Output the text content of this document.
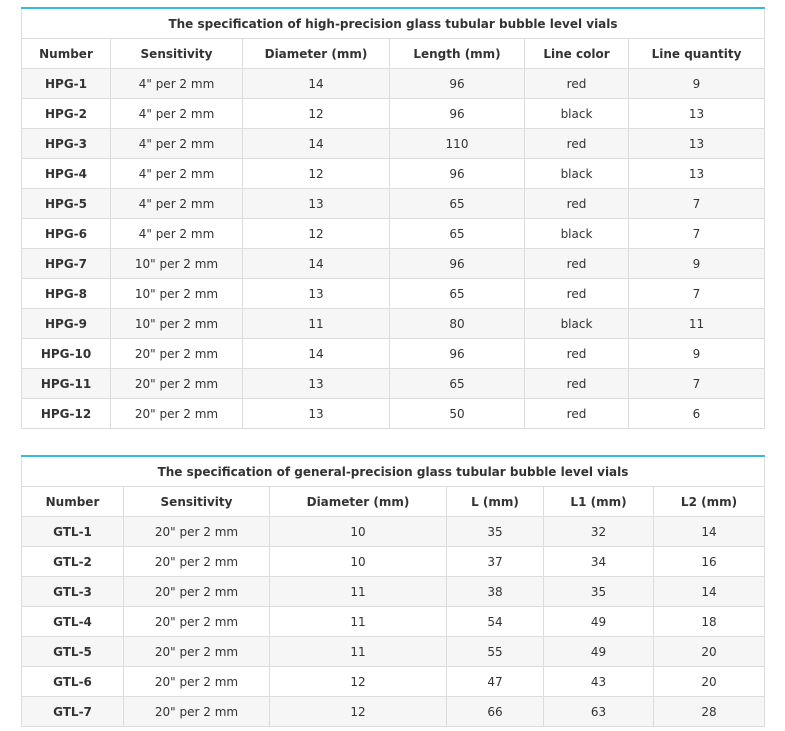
The specification of high-precision glass tubular bubble level vials					
Number	Sensitivity	Diameter (mm)	Length (mm)	Line color	Line quantity
HPG-1	4" per 2 mm	14	96	red	9
HPG-2	4" per 2 mm	12	96	black	13
HPG-3	4" per 2 mm	14	110	red	13
HPG-4	4" per 2 mm	12	96	black	13
HPG-5	4" per 2 mm	13	65	red	7
HPG-6	4" per 2 mm	12	65	black	7
HPG-7	10" per 2 mm	14	96	red	9
HPG-8	10" per 2 mm	13	65	red	7
HPG-9	10" per 2 mm	11	80	black	11
HPG-10	20" per 2 mm	14	96	red	9
HPG-11	20" per 2 mm	13	65	red	7
HPG-12	20" per 2 mm	13	50	red	6
The specification of general-precision glass tubular bubble level vials					
Number	Sensitivity	Diameter (mm)	L (mm)	L1 (mm)	L2 (mm)
GTL-1	20" per 2 mm	10	35	32	14
GTL-2	20" per 2 mm	10	37	34	16
GTL-3	20" per 2 mm	11	38	35	14
GTL-4	20" per 2 mm	11	54	49	18
GTL-5	20" per 2 mm	11	55	49	20
GTL-6	20" per 2 mm	12	47	43	20
GTL-7	20" per 2 mm	12	66	63	28
